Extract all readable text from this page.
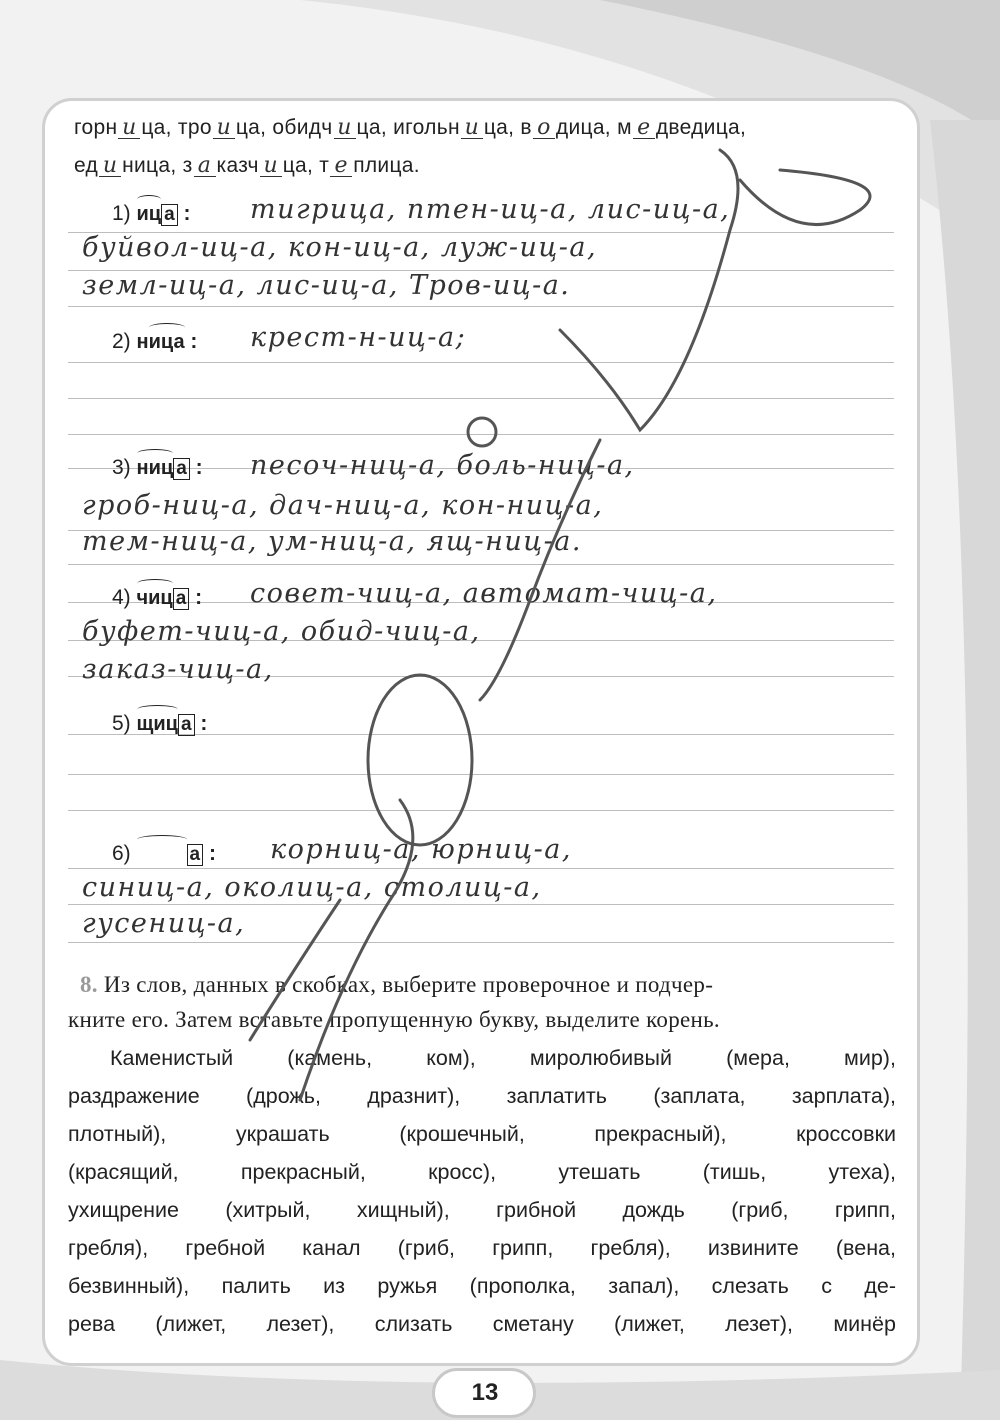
горн и ца, тро и ца, обидч и ца, игольн и ца, в о дица, м е дведица,
ед и ница, з а казч и ца, т е плица.
1) иц а : тигрица, птен-иц-а, лис-иц-а,
буйвол-иц-а, кон-иц-а, луж-иц-а,
земл-иц-а, лис-иц-а, Тров-иц-а.
2) ница
: крест-н-иц-а;
3) ниц а : песоч-ниц-а, боль-ниц-а,
гроб-ниц-а, дач-ниц-а, кон-ниц-а,
тем-ниц-а, ум-ниц-а, ящ-ниц-а.
4) чиц а : совет-чиц-а, автомат-чиц-а,
буфет-чиц-а, обид-чиц-а,
заказ-чиц-а,
5) щиц а :
6)	а : корниц-а, юрниц-а,
синиц-а, околиц-а, столиц-а,
гусениц-а,
8. Из слов, данных в скобках, выберите проверочное и подчер-
кните его. Затем вставьте пропущенную букву, выделите корень.
Каменистый	(камень,	ком),	миролюбивый	(мера,	мир),
раздражение (дрожь, дразнит), заплатить (заплата, зарплата),
плотный),	украшать	(крошечный,	прекрасный),	кроссовки
(красящий,	прекрасный,	кросс),	утешать	(тишь,	утеха),
ухищрение (хитрый, хищный), грибной дождь (гриб, грипп,
гребля), гребной канал (гриб, грипп, гребля), извините (вена,
безвинный), палить из ружья (прополка, запал), слезать с де-
рева (лижет, лезет), слизать сметану (лижет, лезет), минёр
13
